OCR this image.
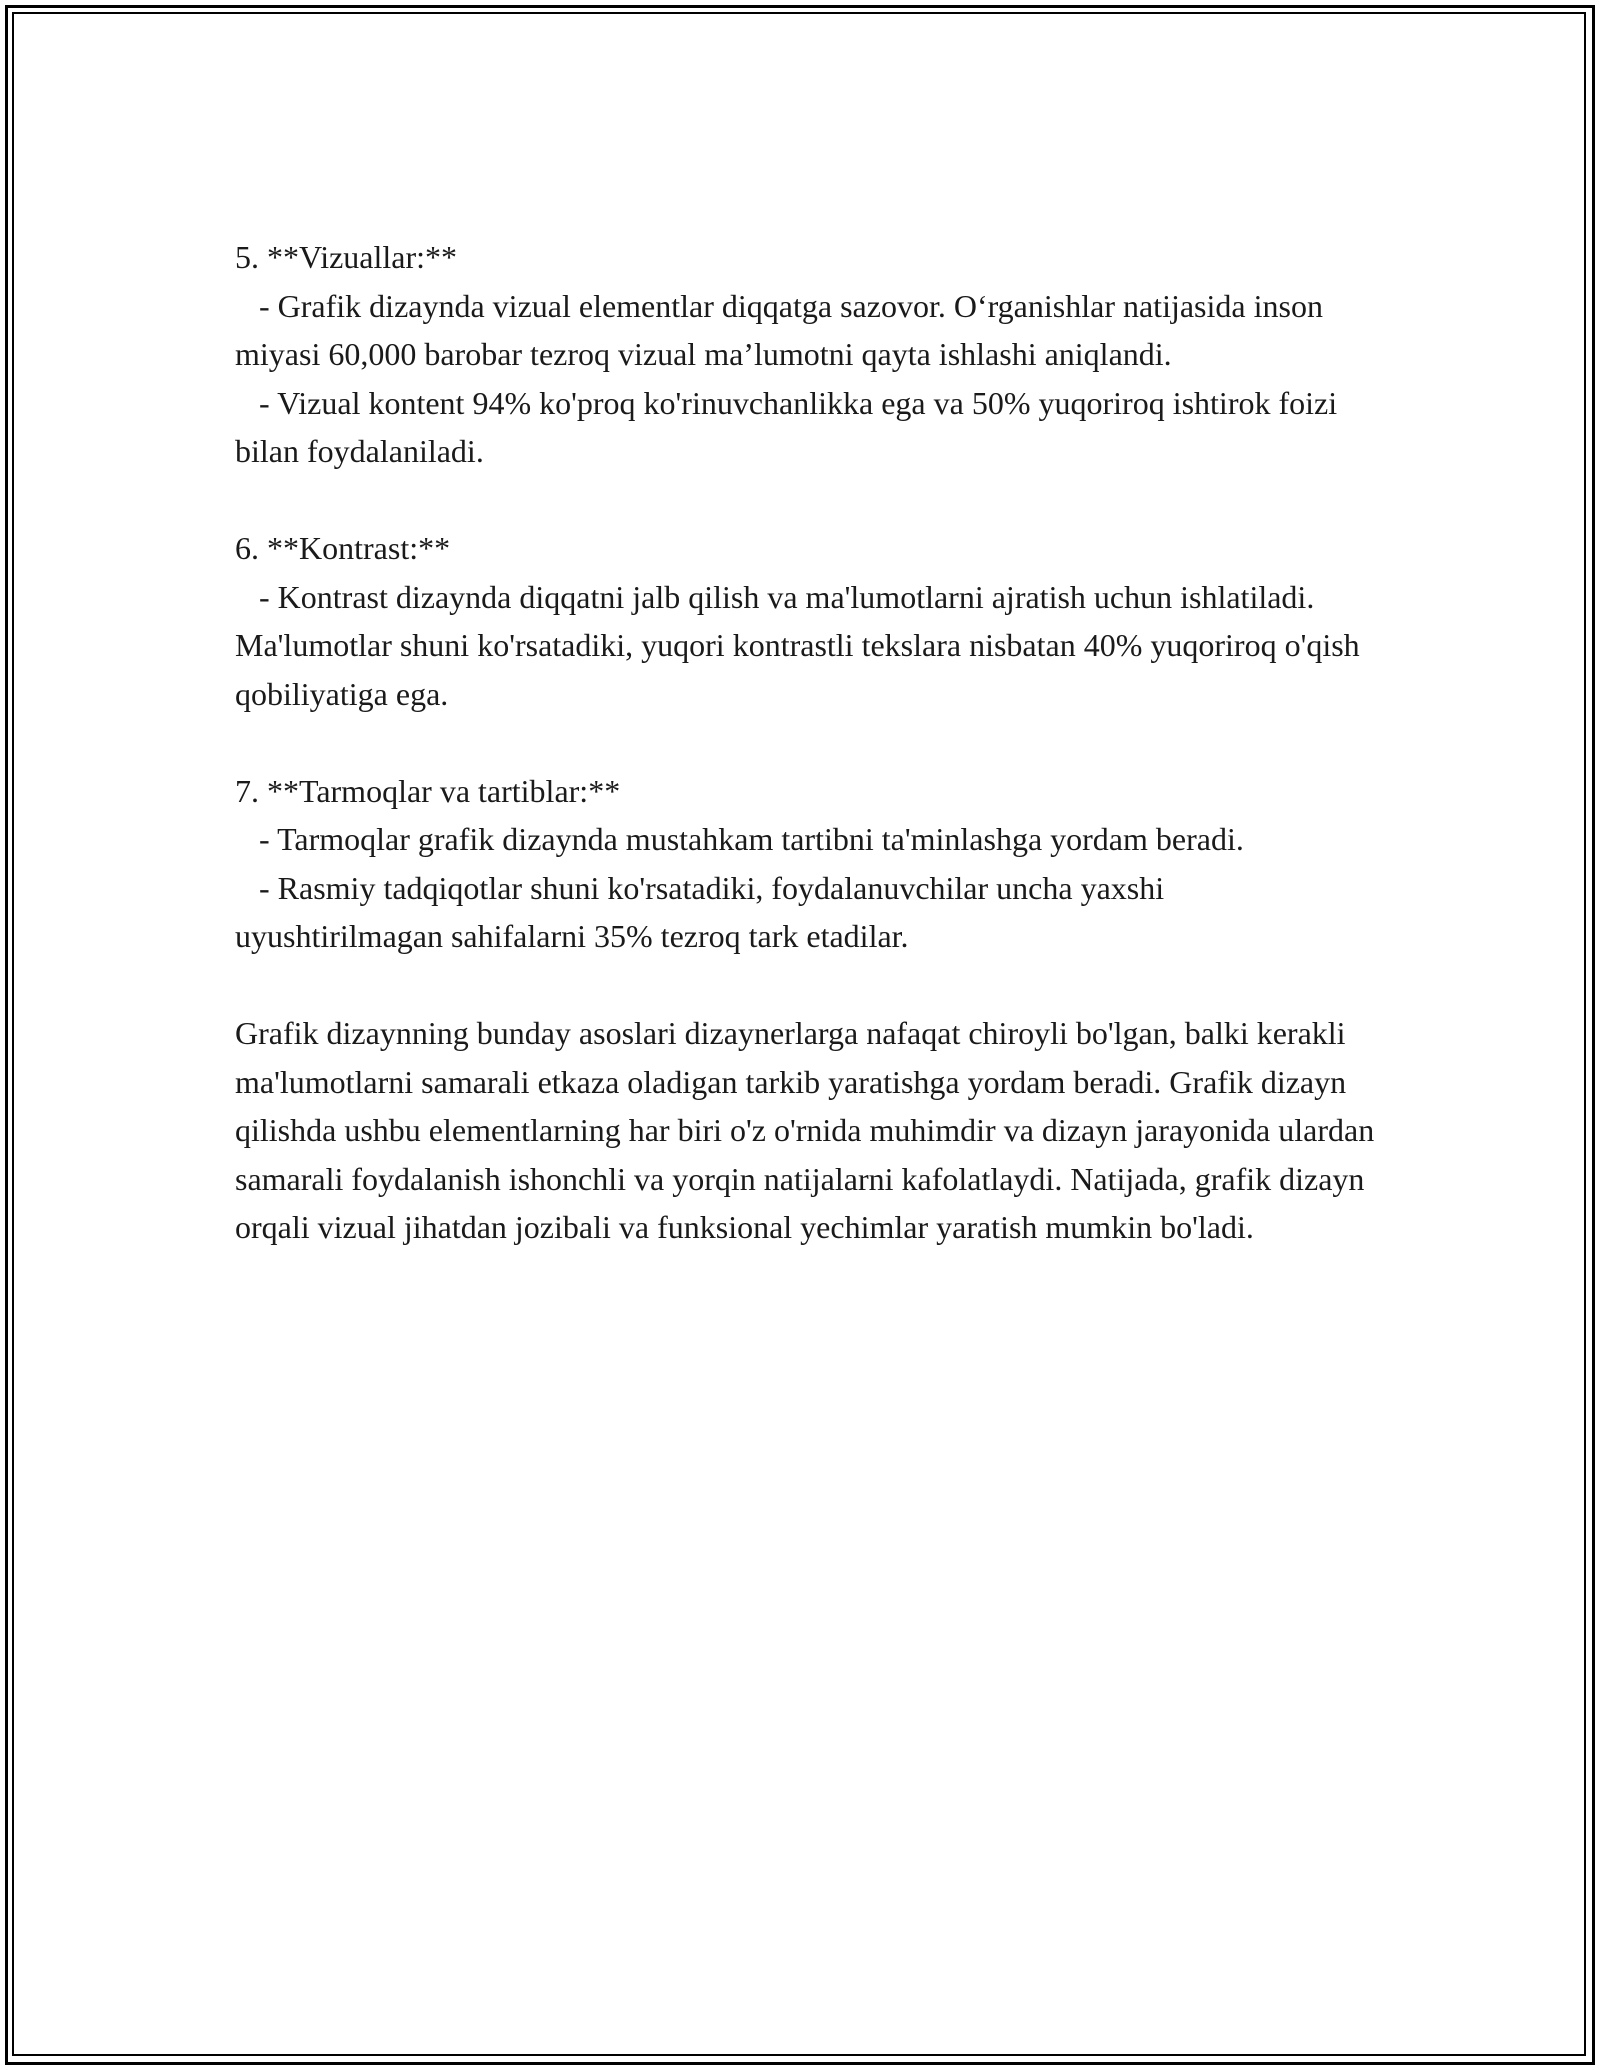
5. **Vizuallar:**

- Grafik dizaynda vizual elementlar diqqatga sazovor. O‘rganishlar natijasida inson miyasi 60,000 barobar tezroq vizual ma’lumotni qayta ishlashi aniqlandi.

- Vizual kontent 94% ko'proq ko'rinuvchanlikka ega va 50% yuqoriroq ishtirok foizi bilan foydalaniladi.

6. **Kontrast:**

- Kontrast dizaynda diqqatni jalb qilish va ma'lumotlarni ajratish uchun ishlatiladi. Ma'lumotlar shuni ko'rsatadiki, yuqori kontrastli tekslara nisbatan 40% yuqoriroq o'qish qobiliyatiga ega.

7. **Tarmoqlar va tartiblar:**

- Tarmoqlar grafik dizaynda mustahkam tartibni ta'minlashga yordam beradi.

- Rasmiy tadqiqotlar shuni ko'rsatadiki, foydalanuvchilar uncha yaxshi uyushtirilmagan sahifalarni 35% tezroq tark etadilar.

Grafik dizaynning bunday asoslari dizaynerlarga nafaqat chiroyli bo'lgan, balki kerakli ma'lumotlarni samarali etkaza oladigan tarkib yaratishga yordam beradi. Grafik dizayn qilishda ushbu elementlarning har biri o'z o'rnida muhimdir va dizayn jarayonida ulardan samarali foydalanish ishonchli va yorqin natijalarni kafolatlaydi. Natijada, grafik dizayn orqali vizual jihatdan jozibali va funksional yechimlar yaratish mumkin bo'ladi.
